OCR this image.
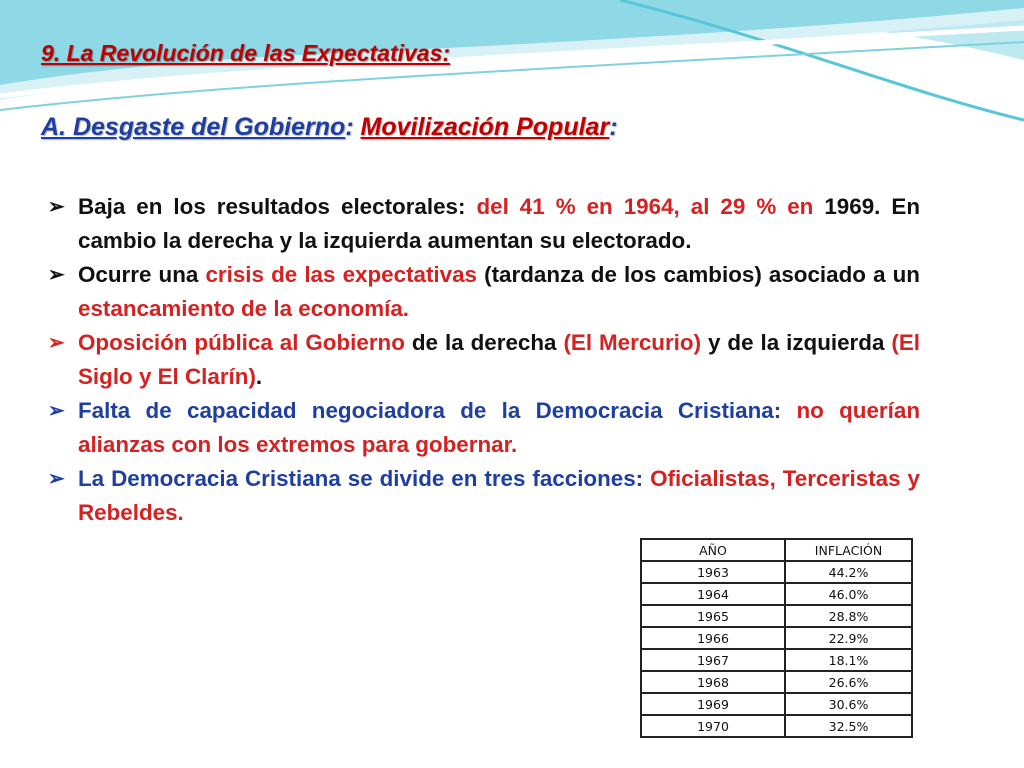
9. La Revolución de las Expectativas:
A. Desgaste del Gobierno: Movilización Popular:
➢ Baja en los resultados electorales: del 41 % en 1964, al 29 % en 1969. En cambio la derecha y la izquierda aumentan su electorado.
➢ Ocurre una crisis de las expectativas (tardanza de los cambios) asociado a un estancamiento de la economía.
➢ Oposición pública al Gobierno de la derecha (El Mercurio) y de la izquierda (El Siglo y El Clarín).
➢ Falta de capacidad negociadora de la Democracia Cristiana: no querían alianzas con los extremos para gobernar.
➢ La Democracia Cristiana se divide en tres facciones: Oficialistas, Terceristas y Rebeldes.
AÑO	INFLACIÓN
1963	44.2%
1964	46.0%
1965	28.8%
1966	22.9%
1967	18.1%
1968	26.6%
1969	30.6%
1970	32.5%
